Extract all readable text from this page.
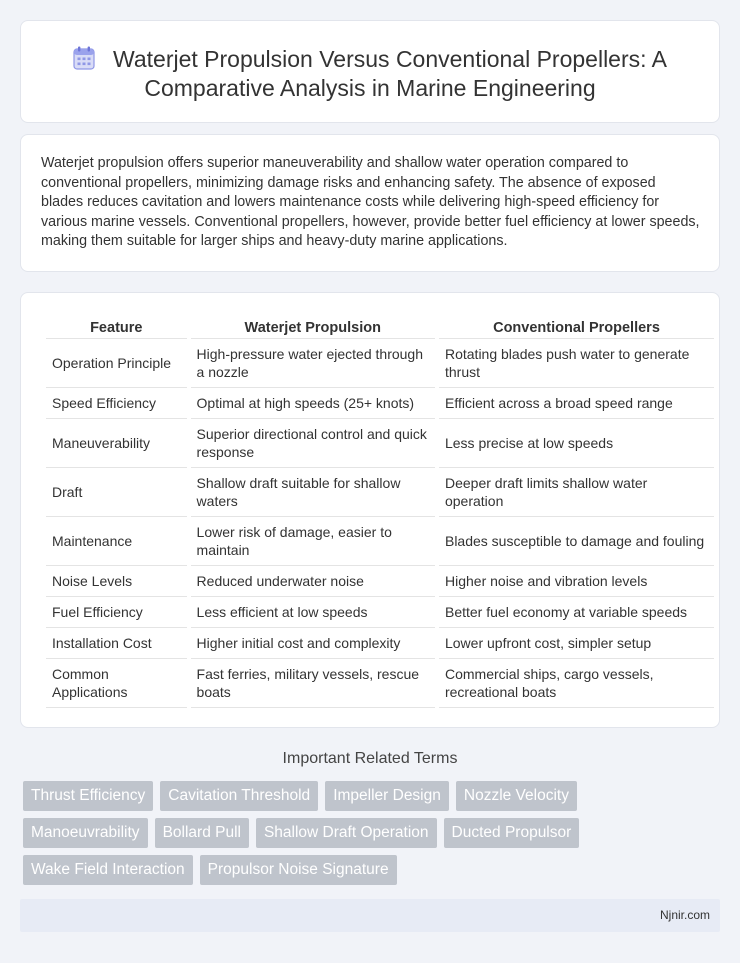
Waterjet Propulsion Versus Conventional Propellers: A Comparative Analysis in Marine Engineering

Waterjet propulsion offers superior maneuverability and shallow water operation compared to conventional propellers, minimizing damage risks and enhancing safety. The absence of exposed blades reduces cavitation and lowers maintenance costs while delivering high-speed efficiency for various marine vessels. Conventional propellers, however, provide better fuel efficiency at lower speeds, making them suitable for larger ships and heavy-duty marine applications.

Feature	Waterjet Propulsion	Conventional Propellers
Operation Principle	High-pressure water ejected through a nozzle	Rotating blades push water to generate thrust
Speed Efficiency	Optimal at high speeds (25+ knots)	Efficient across a broad speed range
Maneuverability	Superior directional control and quick response	Less precise at low speeds
Draft	Shallow draft suitable for shallow waters	Deeper draft limits shallow water operation
Maintenance	Lower risk of damage, easier to maintain	Blades susceptible to damage and fouling
Noise Levels	Reduced underwater noise	Higher noise and vibration levels
Fuel Efficiency	Less efficient at low speeds	Better fuel economy at variable speeds
Installation Cost	Higher initial cost and complexity	Lower upfront cost, simpler setup
Common Applications	Fast ferries, military vessels, rescue boats	Commercial ships, cargo vessels, recreational boats
Important Related Terms
Thrust Efficiency	Cavitation Threshold	Impeller Design	Nozzle Velocity
Manoeuvrability	Bollard Pull	Shallow Draft Operation	Ducted Propulsor
Wake Field Interaction	Propulsor Noise Signature
Njnir.com
